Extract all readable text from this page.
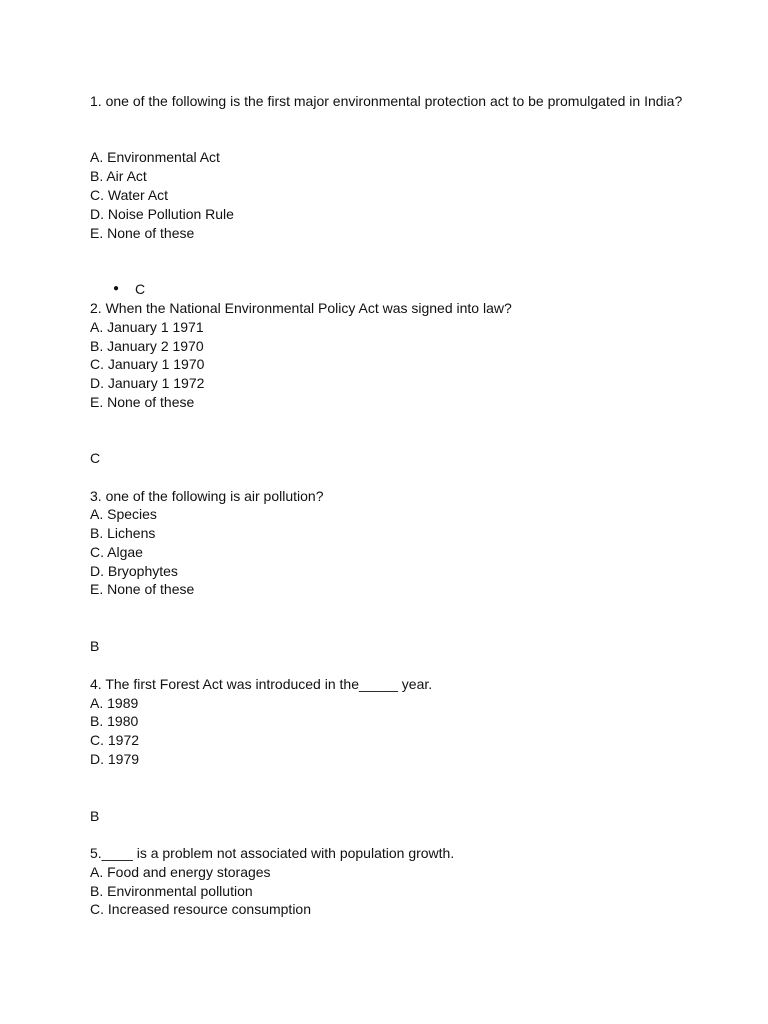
1. one of the following is the first major environmental protection act to be promulgated in India?
A. Environmental Act
B. Air Act
C. Water Act
D. Noise Pollution Rule
E. None of these
● C
2. When the National Environmental Policy Act was signed into law?
A. January 1 1971
B. January 2 1970
C. January 1 1970
D. January 1 1972
E. None of these
C
3. one of the following is air pollution?
A. Species
B. Lichens
C. Algae
D. Bryophytes
E. None of these
B
4. The first Forest Act was introduced in the_____ year.
A. 1989
B. 1980
C. 1972
D. 1979
B
5.____ is a problem not associated with population growth.
A. Food and energy storages
B. Environmental pollution
C. Increased resource consumption
